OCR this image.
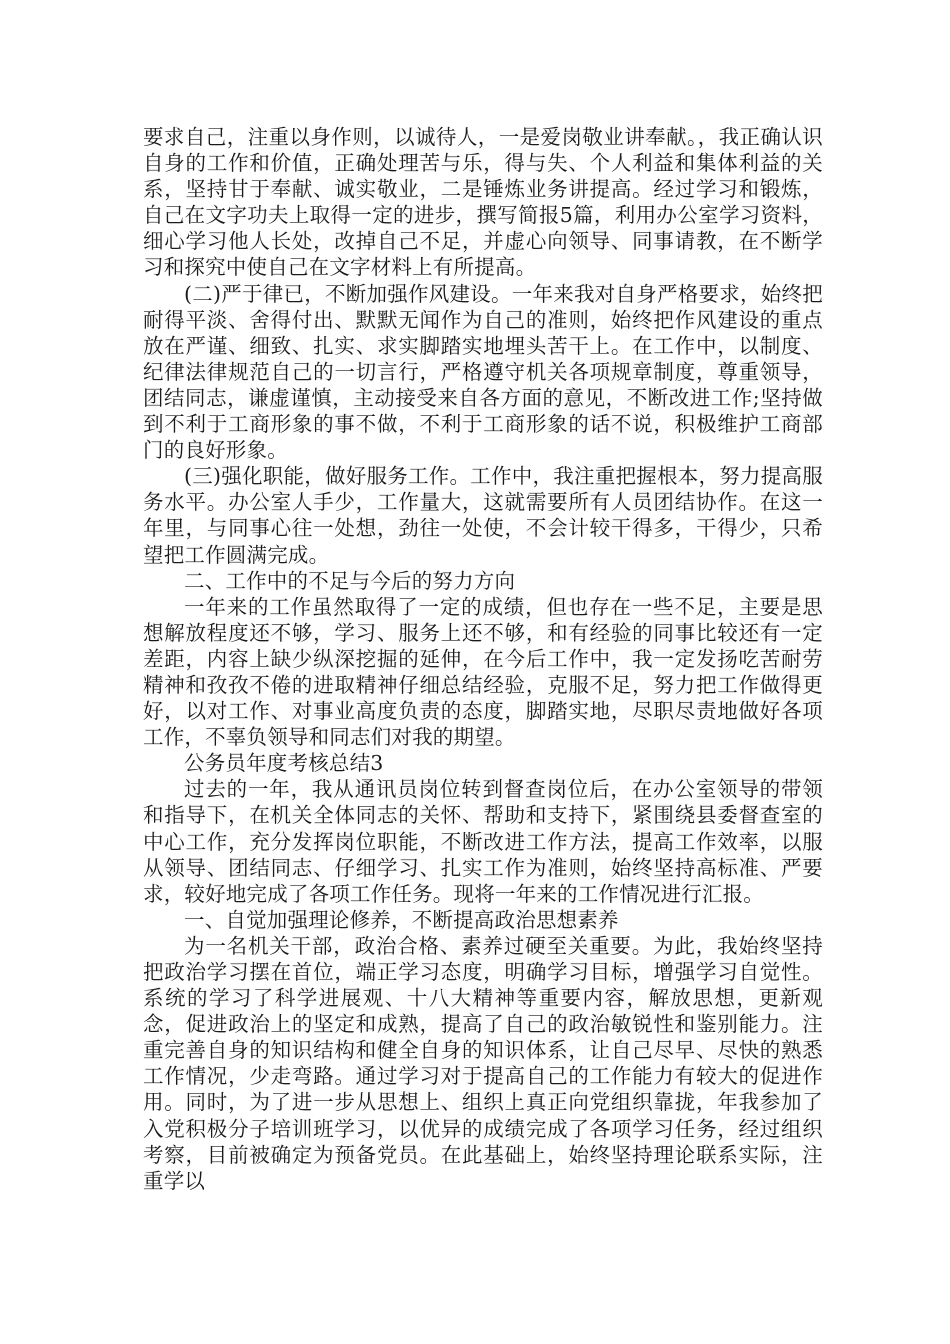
要求自己，注重以身作则，以诚待人，一是爱岗敬业讲奉献。，我正确认识自身的工作和价值，正确处理苦与乐，得与失、个人利益和集体利益的关系，坚持甘于奉献、诚实敬业，二是锤炼业务讲提高。经过学习和锻炼，自己在文字功夫上取得一定的进步，撰写简报5篇，利用办公室学习资料，细心学习他人长处，改掉自己不足，并虚心向领导、同事请教，在不断学习和探究中使自己在文字材料上有所提高。

(二)严于律已，不断加强作风建设。一年来我对自身严格要求，始终把耐得平淡、舍得付出、默默无闻作为自己的准则，始终把作风建设的重点放在严谨、细致、扎实、求实脚踏实地埋头苦干上。在工作中，以制度、纪律法律规范自己的一切言行，严格遵守机关各项规章制度，尊重领导，团结同志，谦虚谨慎，主动接受来自各方面的意见，不断改进工作;坚持做到不利于工商形象的事不做，不利于工商形象的话不说，积极维护工商部门的良好形象。

(三)强化职能，做好服务工作。工作中，我注重把握根本，努力提高服务水平。办公室人手少，工作量大，这就需要所有人员团结协作。在这一年里，与同事心往一处想，劲往一处使，不会计较干得多，干得少，只希望把工作圆满完成。

二、工作中的不足与今后的努力方向

一年来的工作虽然取得了一定的成绩，但也存在一些不足，主要是思想解放程度还不够，学习、服务上还不够，和有经验的同事比较还有一定差距，内容上缺少纵深挖掘的延伸，在今后工作中，我一定发扬吃苦耐劳精神和孜孜不倦的进取精神仔细总结经验，克服不足，努力把工作做得更好，以对工作、对事业高度负责的态度，脚踏实地，尽职尽责地做好各项工作，不辜负领导和同志们对我的期望。

公务员年度考核总结3

过去的一年，我从通讯员岗位转到督查岗位后，在办公室领导的带领和指导下，在机关全体同志的关怀、帮助和支持下，紧围绕县委督查室的中心工作，充分发挥岗位职能，不断改进工作方法，提高工作效率，以服从领导、团结同志、仔细学习、扎实工作为准则，始终坚持高标准、严要求，较好地完成了各项工作任务。现将一年来的工作情况进行汇报。

一、自觉加强理论修养，不断提高政治思想素养

为一名机关干部，政治合格、素养过硬至关重要。为此，我始终坚持把政治学习摆在首位，端正学习态度，明确学习目标，增强学习自觉性。系统的学习了科学进展观、十八大精神等重要内容，解放思想，更新观念，促进政治上的坚定和成熟，提高了自己的政治敏锐性和鉴别能力。注重完善自身的知识结构和健全自身的知识体系，让自己尽早、尽快的熟悉工作情况，少走弯路。通过学习对于提高自己的工作能力有较大的促进作用。同时，为了进一步从思想上、组织上真正向党组织靠拢，年我参加了入党积极分子培训班学习，以优异的成绩完成了各项学习任务，经过组织考察，目前被确定为预备党员。在此基础上，始终坚持理论联系实际，注重学以
